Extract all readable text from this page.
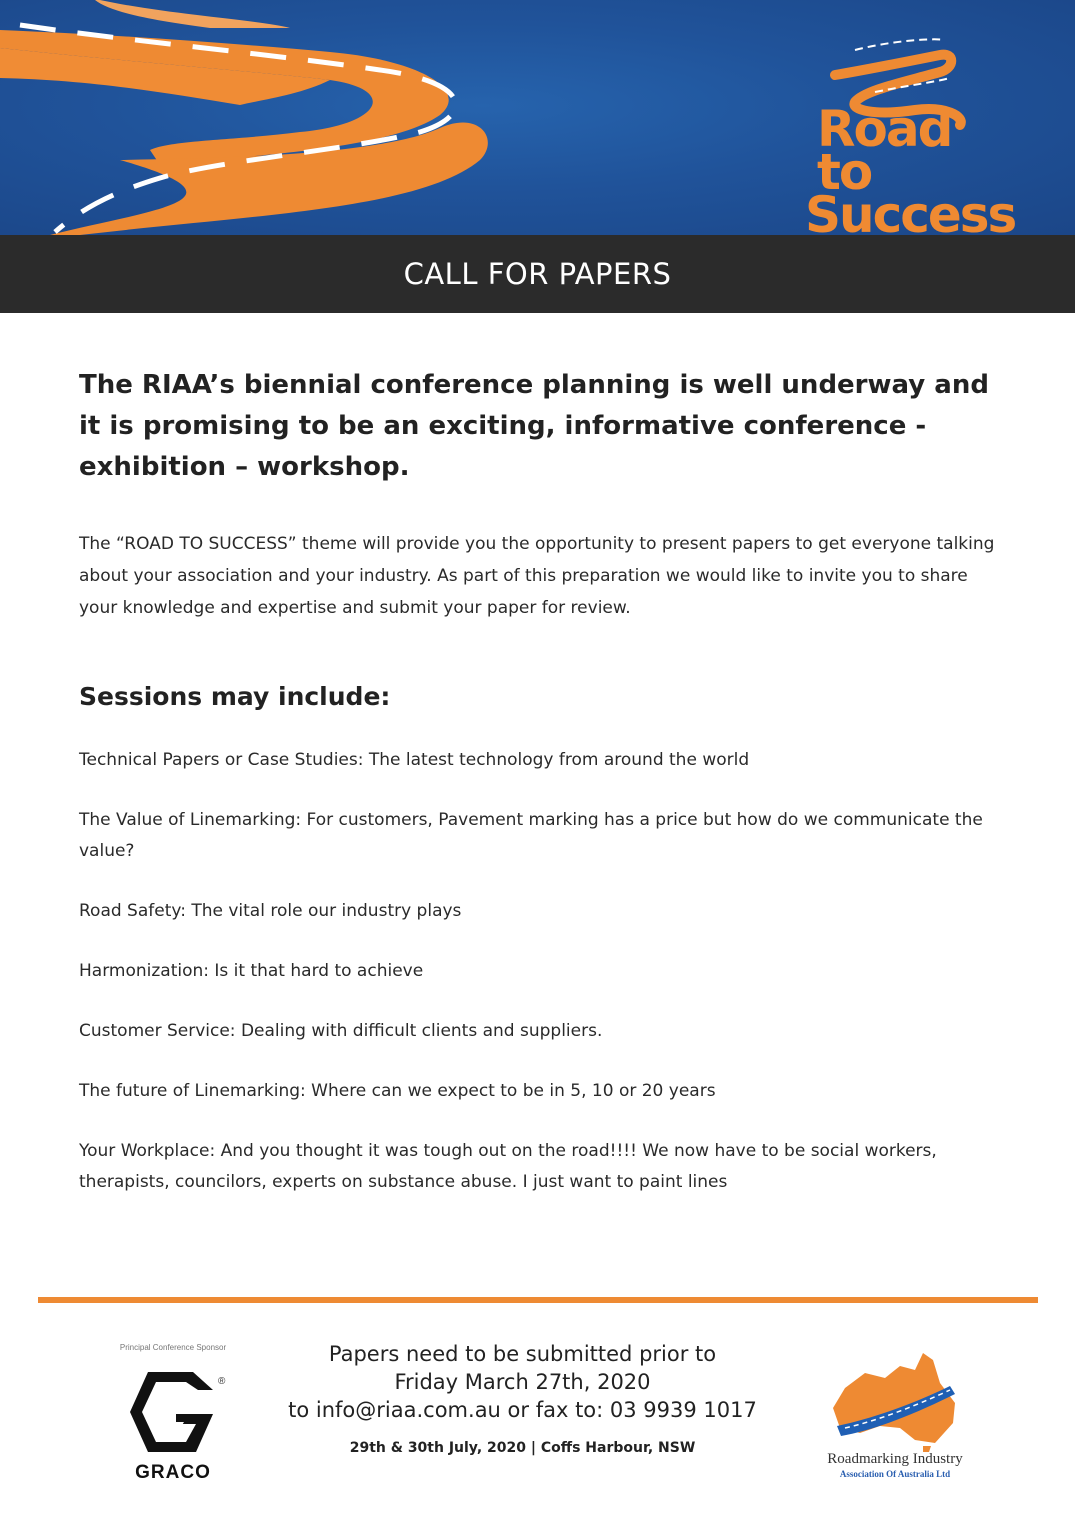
Road to
Success
CALL FOR PAPERS

The RIAA’s biennial conference planning is well underway and it is promising to be an exciting, informative conference - exhibition – workshop.

The “ROAD TO SUCCESS” theme will provide you the opportunity to present papers to get everyone talking about your association and your industry. As part of this preparation we would like to invite you to share your knowledge and expertise and submit your paper for review.

Sessions may include:

Technical Papers or Case Studies: The latest technology from around the world

The Value of Linemarking: For customers, Pavement marking has a price but how do we communicate the value?

Road Safety: The vital role our industry plays

Harmonization: Is it that hard to achieve

Customer Service: Dealing with difficult clients and suppliers.

The future of Linemarking: Where can we expect to be in 5, 10 or 20 years

Your Workplace: And you thought it was tough out on the road!!!! We now have to be social workers, therapists, councilors, experts on substance abuse. I just want to paint lines

Principal Conference Sponsor
®
GRACO
Papers need to be submitted prior to
Friday March 27th, 2020
to info@riaa.com.au or fax to: 03 9939 1017
29th & 30th July, 2020 | Coffs Harbour, NSW
Roadmarking Industry
Association Of Australia Ltd
